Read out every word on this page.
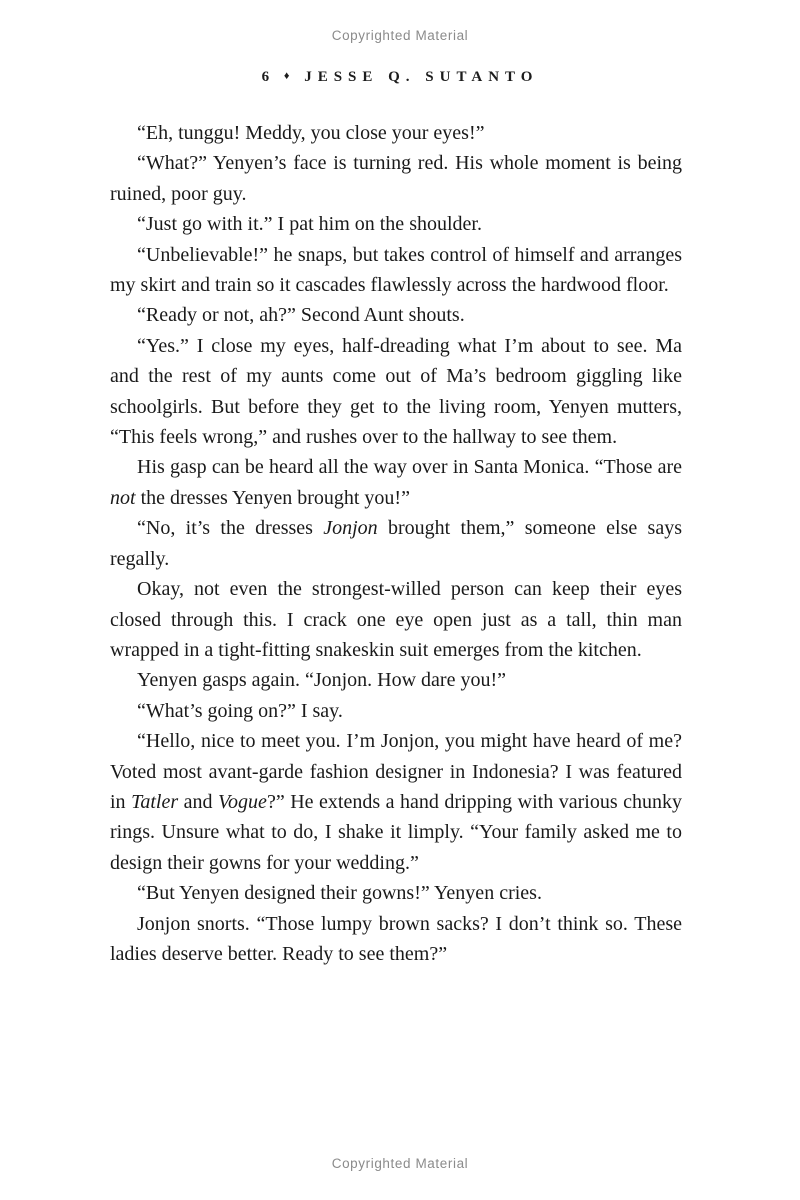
Copyrighted Material
6 ♦ JESSE Q. SUTANTO

“Eh, tunggu! Meddy, you close your eyes!”

“What?” Yenyen’s face is turning red. His whole moment is being ruined, poor guy.

“Just go with it.” I pat him on the shoulder.

“Unbelievable!” he snaps, but takes control of himself and arranges my skirt and train so it cascades flawlessly across the hardwood floor.

“Ready or not, ah?” Second Aunt shouts.

“Yes.” I close my eyes, half-dreading what I’m about to see. Ma and the rest of my aunts come out of Ma’s bedroom giggling like schoolgirls. But before they get to the living room, Yenyen mutters, “This feels wrong,” and rushes over to the hallway to see them.

His gasp can be heard all the way over in Santa Monica. “Those are not the dresses Yenyen brought you!”

“No, it’s the dresses Jonjon brought them,” someone else says regally.

Okay, not even the strongest-willed person can keep their eyes closed through this. I crack one eye open just as a tall, thin man wrapped in a tight-fitting snakeskin suit emerges from the kitchen.

Yenyen gasps again. “Jonjon. How dare you!”

“What’s going on?” I say.

“Hello, nice to meet you. I’m Jonjon, you might have heard of me? Voted most avant-garde fashion designer in Indonesia? I was featured in Tatler and Vogue?” He extends a hand dripping with various chunky rings. Unsure what to do, I shake it limply. “Your family asked me to design their gowns for your wedding.”

“But Yenyen designed their gowns!” Yenyen cries.

Jonjon snorts. “Those lumpy brown sacks? I don’t think so. These ladies deserve better. Ready to see them?”

Copyrighted Material
